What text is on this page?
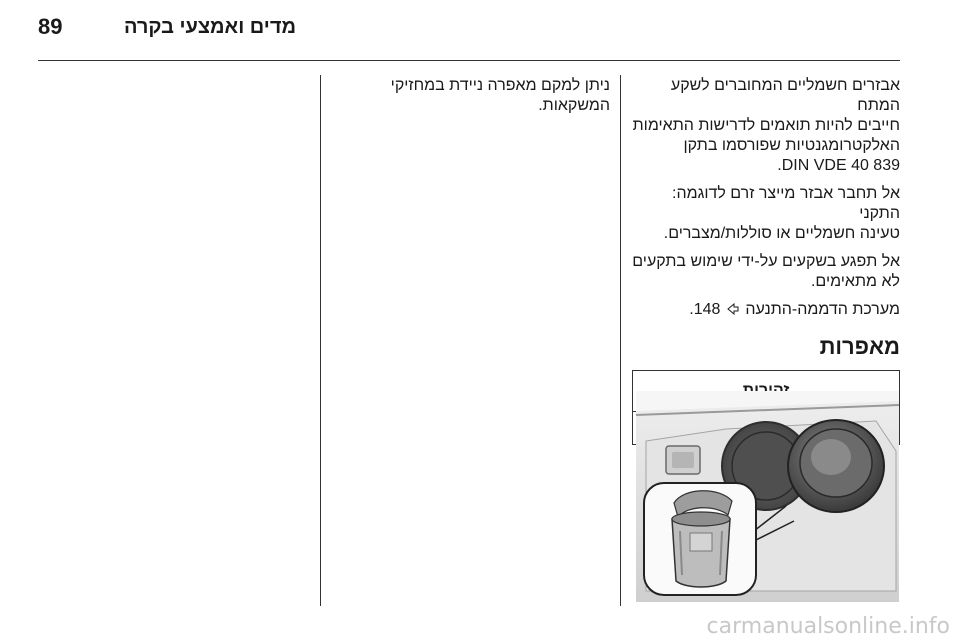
89	מדים ואמצעי בקרה

אבזרים חשמליים המחוברים לשקע המתח
חייבים להיות תואמים לדרישות התאימות
האלקטרומגנטיות שפורסמו בתקן
DIN VDE 40 839.

אל תחבר אבזר מייצר זרם לדוגמה: התקני
טעינה חשמליים או סוללות/מצברים.

אל תפגע בשקעים על-ידי שימוש בתקעים
לא מתאימים.

מערכת הדממה-התנעה  148.

מאפרות

ניתן למקם מאפרה ניידת במחזיקי
המשקאות.

carmanualsonline.info
